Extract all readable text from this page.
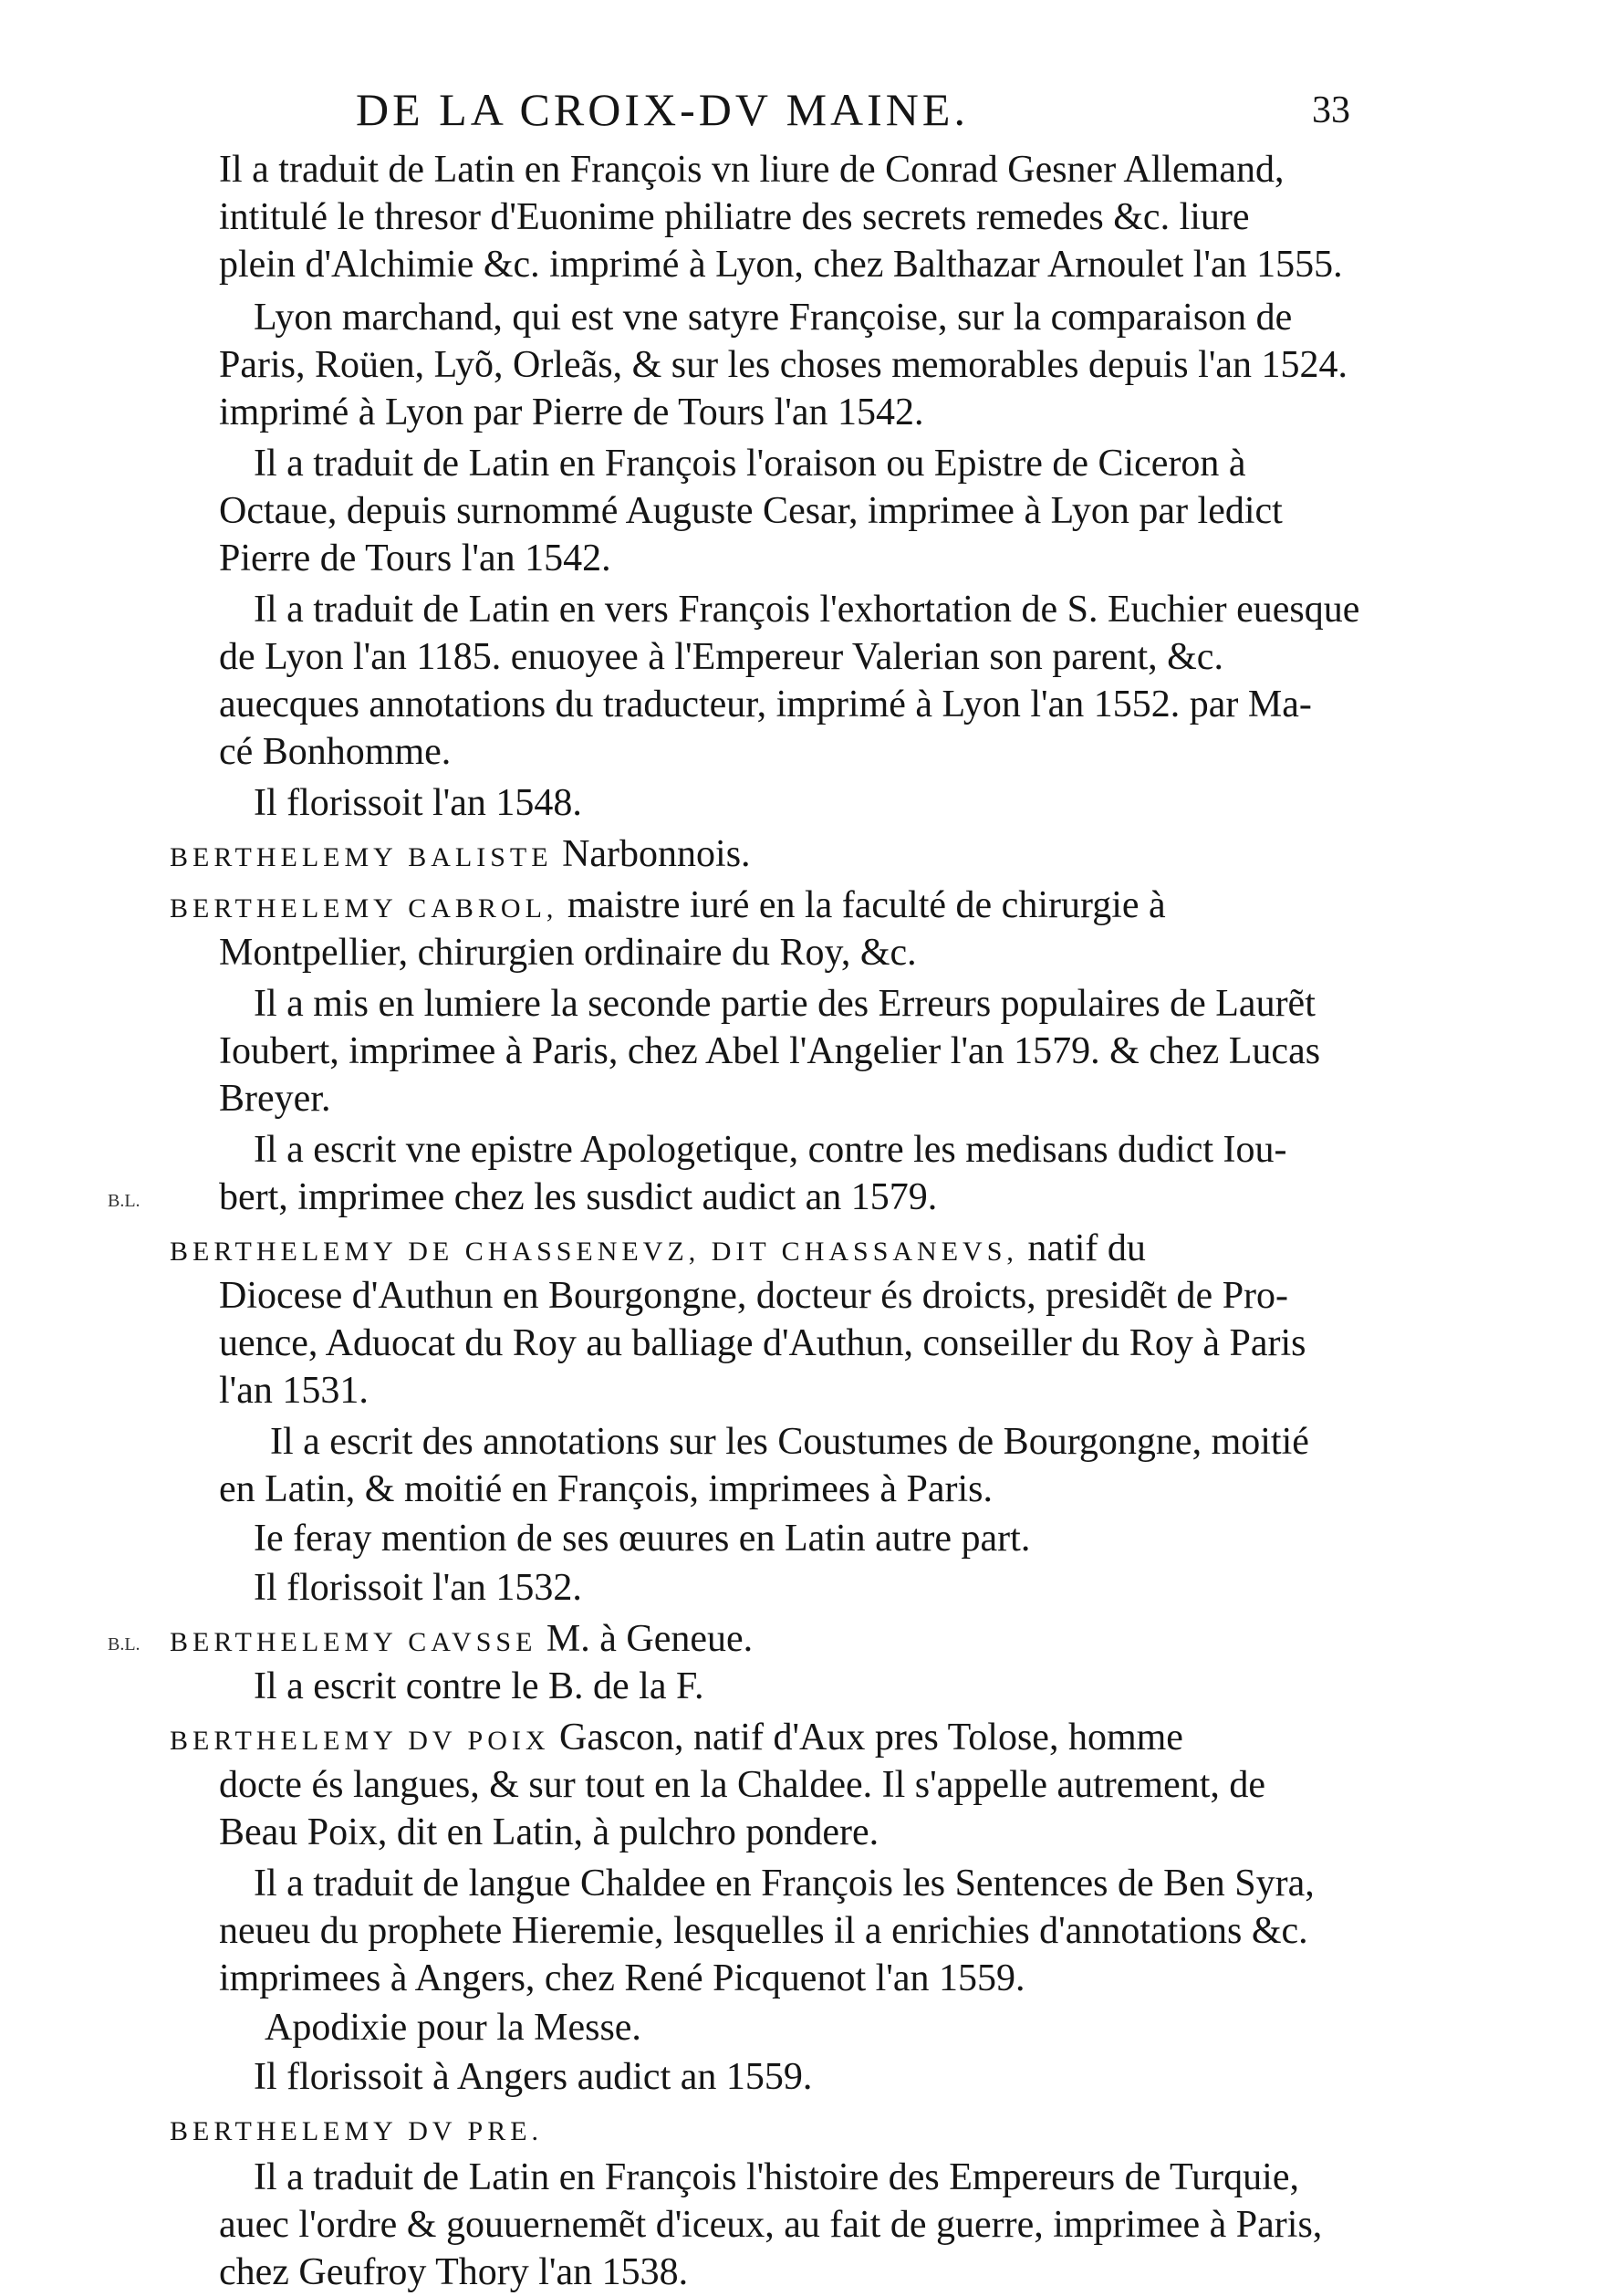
DE LA CROIX-DV MAINE.	33
B.L.
B.L.
Il a traduit de Latin en François vn liure de Conrad Gesner Allemand,
intitulé le thresor d'Euonime philiatre des secrets remedes &c. liure
plein d'Alchimie &c. imprimé à Lyon, chez Balthazar Arnoulet l'an 1555.
Lyon marchand, qui est vne satyre Françoise, sur la comparaison de
Paris, Roüen, Lyõ, Orleãs, & sur les choses memorables depuis l'an 1524.
imprimé à Lyon par Pierre de Tours l'an 1542.
Il a traduit de Latin en François l'oraison ou Epistre de Ciceron à
Octaue, depuis surnommé Auguste Cesar, imprimee à Lyon par ledict
Pierre de Tours l'an 1542.
Il a traduit de Latin en vers François l'exhortation de S. Euchier euesque
de Lyon l'an 1185. enuoyee à l'Empereur Valerian son parent, &c.
auecques annotations du traducteur, imprimé à Lyon l'an 1552. par Ma-
cé Bonhomme.
Il florissoit l'an 1548.
BERTHELEMY BALISTE Narbonnois.
BERTHELEMY CABROL, maistre iuré en la faculté de chirurgie à
Montpellier, chirurgien ordinaire du Roy, &c.
Il a mis en lumiere la seconde partie des Erreurs populaires de Laurẽt
Ioubert, imprimee à Paris, chez Abel l'Angelier l'an 1579. & chez Lucas
Breyer.
Il a escrit vne epistre Apologetique, contre les medisans dudict Iou-
bert, imprimee chez les susdict audict an 1579.
BERTHELEMY DE CHASSENEVZ, DIT CHASSANEVS, natif du
Diocese d'Authun en Bourgongne, docteur és droicts, presidẽt de Pro-
uence, Aduocat du Roy au balliage d'Authun, conseiller du Roy à Paris
l'an 1531.
Il a escrit des annotations sur les Coustumes de Bourgongne, moitié
en Latin, & moitié en François, imprimees à Paris.
Ie feray mention de ses œuures en Latin autre part.
Il florissoit l'an 1532.
BERTHELEMY CAVSSE M. à Geneue.
Il a escrit contre le B. de la F.
BERTHELEMY DV POIX Gascon, natif d'Aux pres Tolose, homme
docte és langues, & sur tout en la Chaldee. Il s'appelle autrement, de
Beau Poix, dit en Latin, à pulchro pondere.
Il a traduit de langue Chaldee en François les Sentences de Ben Syra,
neueu du prophete Hieremie, lesquelles il a enrichies d'annotations &c.
imprimees à Angers, chez René Picquenot l'an 1559.
Apodixie pour la Messe.
Il florissoit à Angers audict an 1559.
BERTHELEMY DV PRE.
Il a traduit de Latin en François l'histoire des Empereurs de Turquie,
auec l'ordre & gouuernemẽt d'iceux, au fait de guerre, imprimee à Paris,
chez Geufroy Thory l'an 1538.
